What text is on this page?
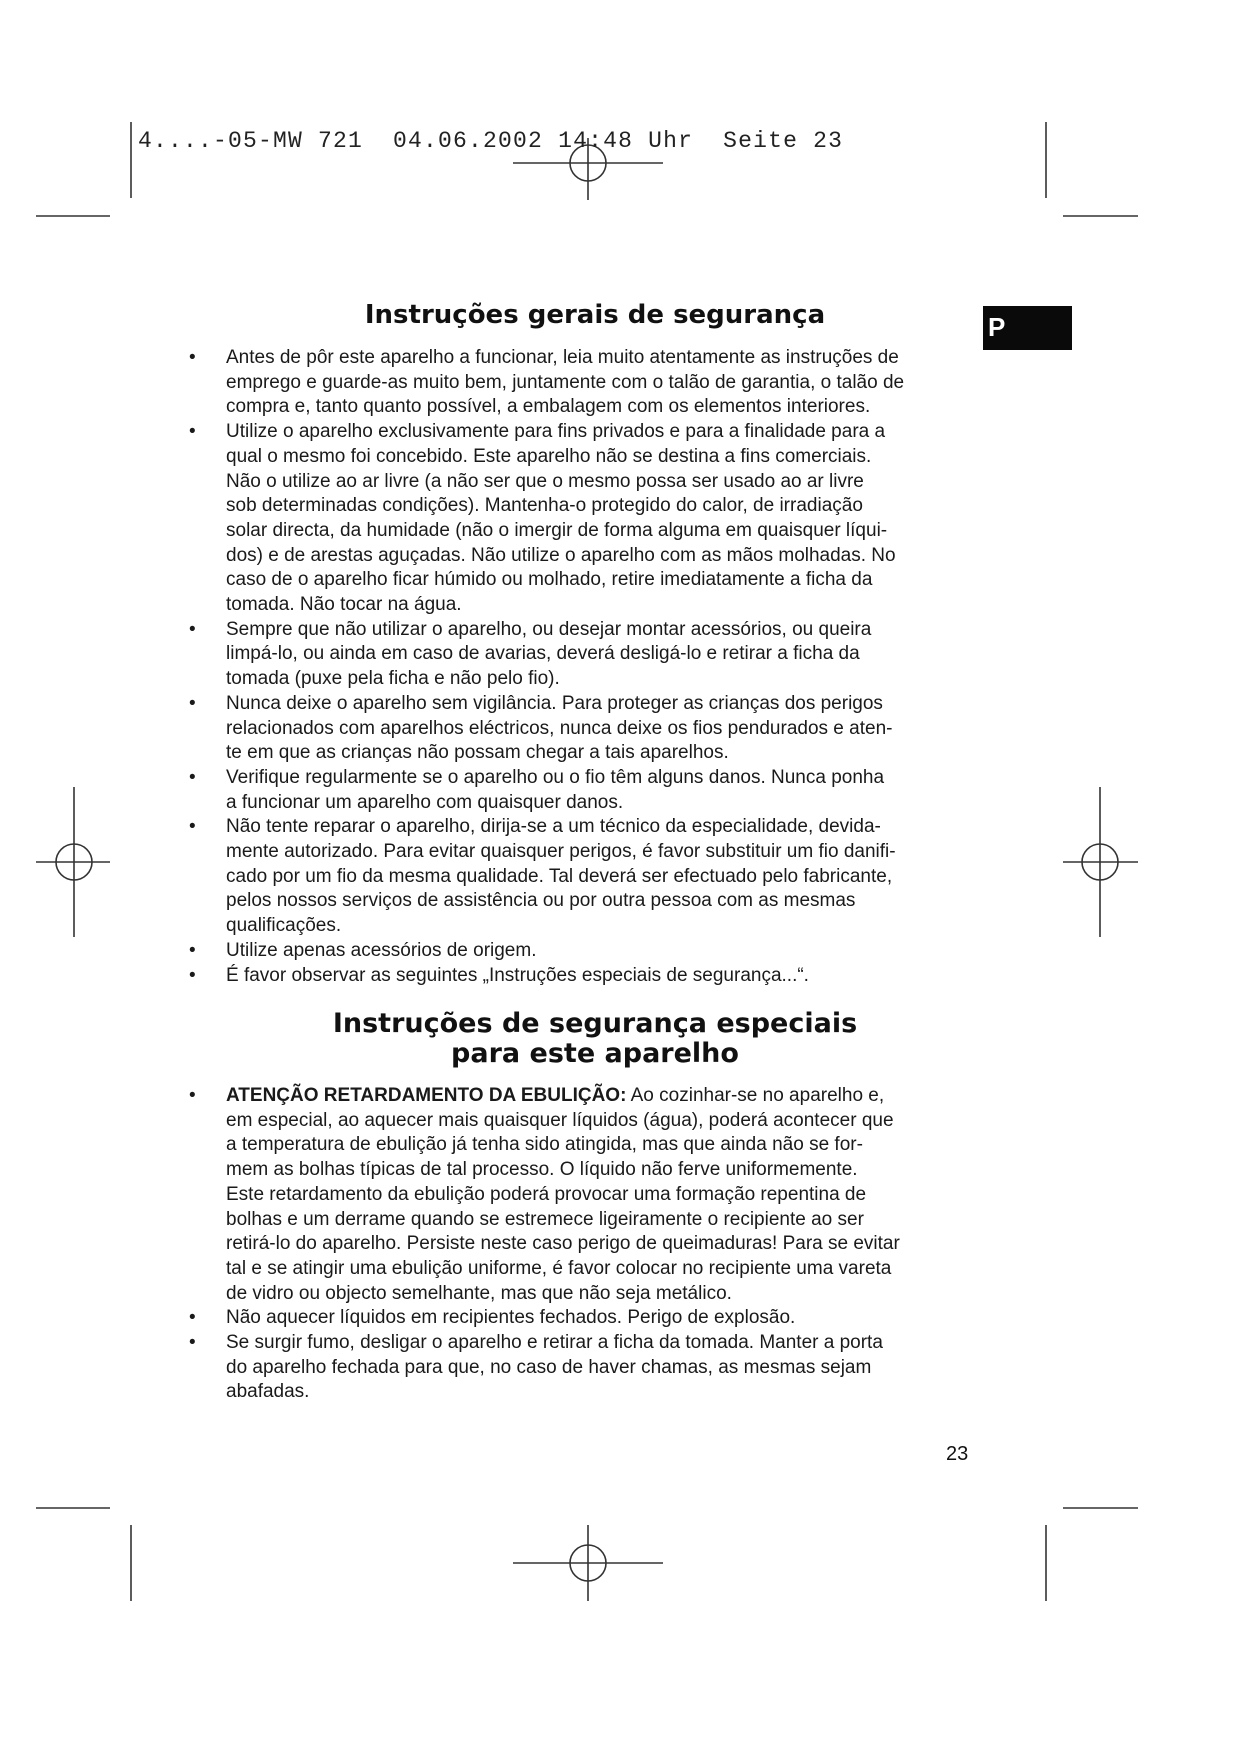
4....-05-MW 721  04.06.2002 14:48 Uhr  Seite 23
P
Instruções gerais de segurança
• Antes de pôr este aparelho a funcionar, leia muito atentamente as instruções de
emprego e guarde-as muito bem, juntamente com o talão de garantia, o talão de
compra e, tanto quanto possível, a embalagem com os elementos interiores.
• Utilize o aparelho exclusivamente para fins privados e para a finalidade para a
qual o mesmo foi concebido. Este aparelho não se destina a fins comerciais.
Não o utilize ao ar livre (a não ser que o mesmo possa ser usado ao ar livre
sob determinadas condições). Mantenha-o protegido do calor, de irradiação
solar directa, da humidade (não o imergir de forma alguma em quaisquer líqui-
dos) e de arestas aguçadas. Não utilize o aparelho com as mãos molhadas. No
caso de o aparelho ficar húmido ou molhado, retire imediatamente a ficha da
tomada. Não tocar na água.
• Sempre que não utilizar o aparelho, ou desejar montar acessórios, ou queira
limpá-lo, ou ainda em caso de avarias, deverá desligá-lo e retirar a ficha da
tomada (puxe pela ficha e não pelo fio).
• Nunca deixe o aparelho sem vigilância. Para proteger as crianças dos perigos
relacionados com aparelhos eléctricos, nunca deixe os fios pendurados e aten-
te em que as crianças não possam chegar a tais aparelhos.
• Verifique regularmente se o aparelho ou o fio têm alguns danos. Nunca ponha
a funcionar um aparelho com quaisquer danos.
• Não tente reparar o aparelho, dirija-se a um técnico da especialidade, devida-
mente autorizado. Para evitar quaisquer perigos, é favor substituir um fio danifi-
cado por um fio da mesma qualidade. Tal deverá ser efectuado pelo fabricante,
pelos nossos serviços de assistência ou por outra pessoa com as mesmas
qualificações.
• Utilize apenas acessórios de origem.
• É favor observar as seguintes „Instruções especiais de segurança...“.
Instruções de segurança especiais
para este aparelho
• ATENÇÃO RETARDAMENTO DA EBULIÇÃO: Ao cozinhar-se no aparelho e,
em especial, ao aquecer mais quaisquer líquidos (água), poderá acontecer que
a temperatura de ebulição já tenha sido atingida, mas que ainda não se for-
mem as bolhas típicas de tal processo. O líquido não ferve uniformemente.
Este retardamento da ebulição poderá provocar uma formação repentina de
bolhas e um derrame quando se estremece ligeiramente o recipiente ao ser
retirá-lo do aparelho. Persiste neste caso perigo de queimaduras! Para se evitar
tal e se atingir uma ebulição uniforme, é favor colocar no recipiente uma vareta
de vidro ou objecto semelhante, mas que não seja metálico.
• Não aquecer líquidos em recipientes fechados. Perigo de explosão.
• Se surgir fumo, desligar o aparelho e retirar a ficha da tomada. Manter a porta
do aparelho fechada para que, no caso de haver chamas, as mesmas sejam
abafadas.
23
